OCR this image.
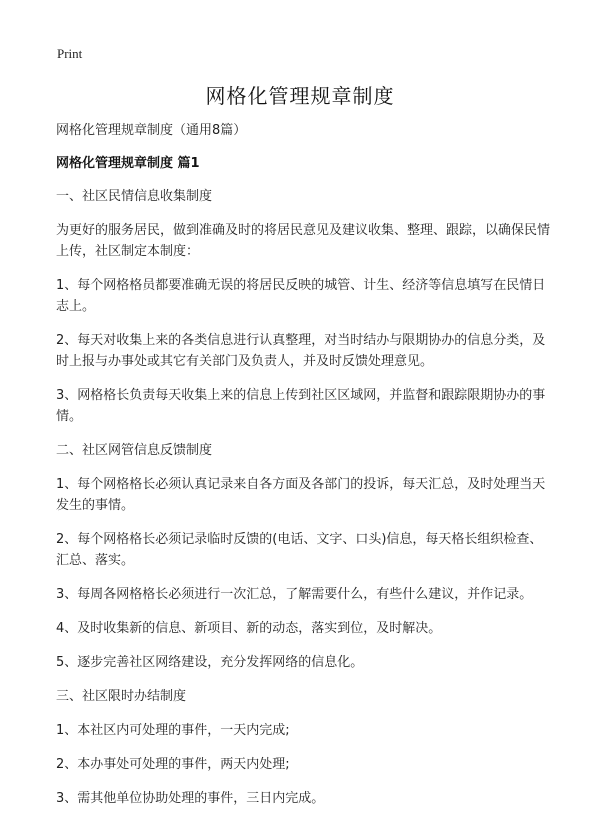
Print
网格化管理规章制度

网格化管理规章制度（通用8篇）

网格化管理规章制度 篇1

一、社区民情信息收集制度

为更好的服务居民，做到准确及时的将居民意见及建议收集、整理、跟踪，以确保民情上传，社区制定本制度：

1、每个网格格员都要准确无误的将居民反映的城管、计生、经济等信息填写在民情日志上。

2、每天对收集上来的各类信息进行认真整理，对当时结办与限期协办的信息分类，及时上报与办事处或其它有关部门及负责人，并及时反馈处理意见。

3、网格格长负责每天收集上来的信息上传到社区区域网，并监督和跟踪限期协办的事情。

二、社区网管信息反馈制度

1、每个网格格长必须认真记录来自各方面及各部门的投诉，每天汇总，及时处理当天发生的事情。

2、每个网格格长必须记录临时反馈的(电话、文字、口头)信息，每天格长组织检查、汇总、落实。

3、每周各网格格长必须进行一次汇总，了解需要什么，有些什么建议，并作记录。

4、及时收集新的信息、新项目、新的动态，落实到位，及时解决。

5、逐步完善社区网络建设，充分发挥网络的信息化。

三、社区限时办结制度

1、本社区内可处理的事件，一天内完成;

2、本办事处可处理的事件，两天内处理;

3、需其他单位协助处理的事件，三日内完成。
